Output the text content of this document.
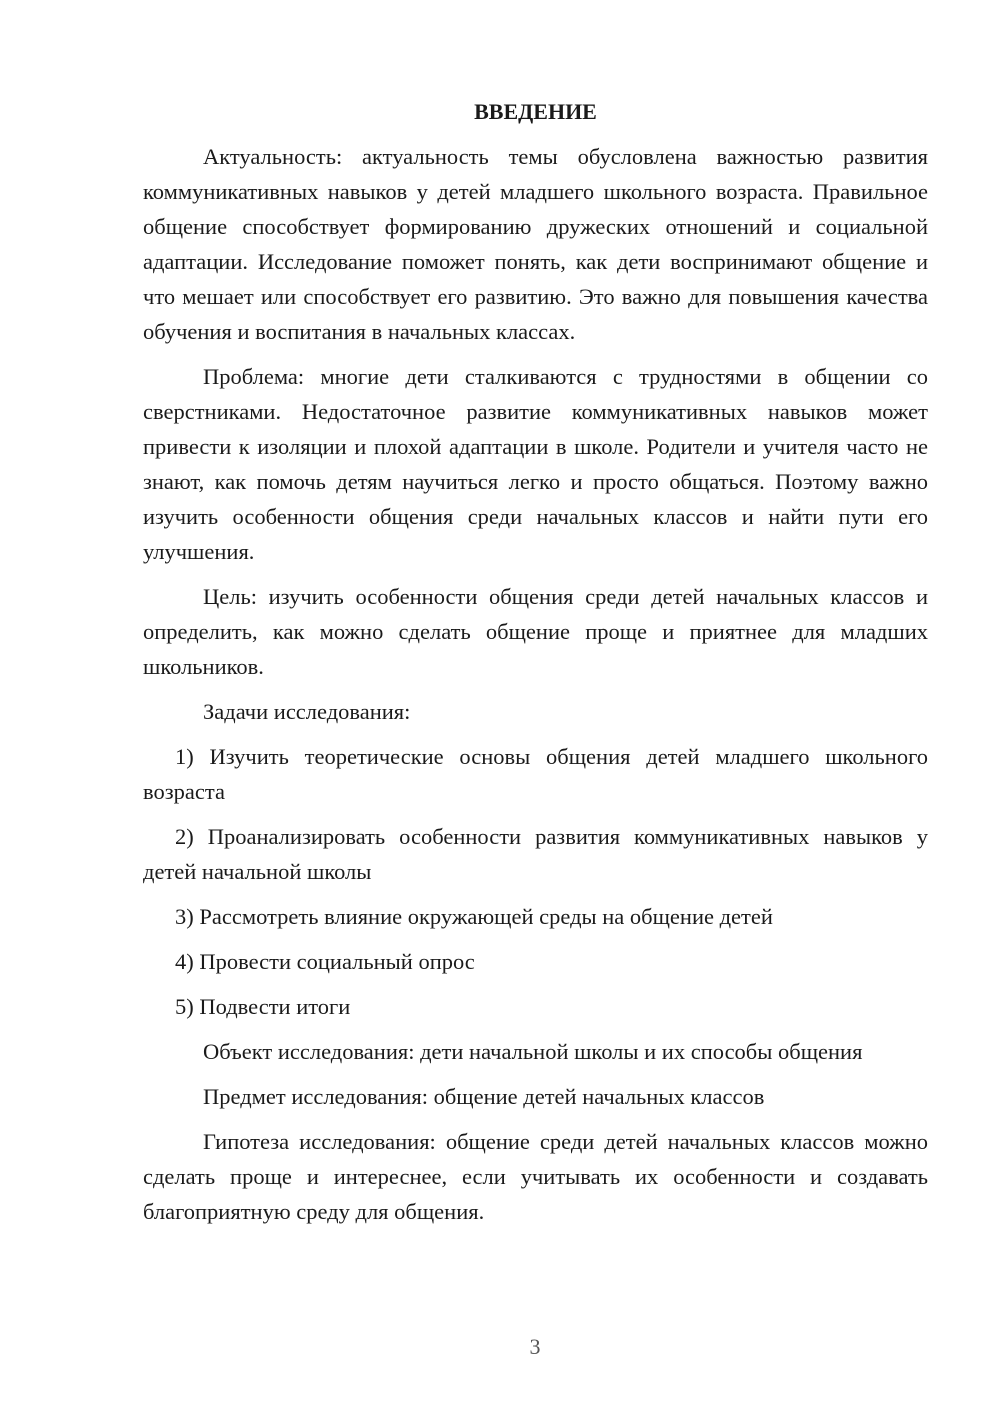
ВВЕДЕНИЕ

Актуальность: актуальность темы обусловлена важностью развития коммуникативных навыков у детей младшего школьного возраста. Правильное общение способствует формированию дружеских отношений и социальной адаптации. Исследование поможет понять, как дети воспринимают общение и что мешает или способствует его развитию. Это важно для повышения качества обучения и воспитания в начальных классах.

Проблема: многие дети сталкиваются с трудностями в общении со сверстниками. Недостаточное развитие коммуникативных навыков может привести к изоляции и плохой адаптации в школе. Родители и учителя часто не знают, как помочь детям научиться легко и просто общаться. Поэтому важно изучить особенности общения среди начальных классов и найти пути его улучшения.

Цель: изучить особенности общения среди детей начальных классов и определить, как можно сделать общение проще и приятнее для младших школьников.

Задачи исследования:

1) Изучить теоретические основы общения детей младшего школьного возраста

2) Проанализировать особенности развития коммуникативных навыков у детей начальной школы

3) Рассмотреть влияние окружающей среды на общение детей

4) Провести социальный опрос

5) Подвести итоги

Объект исследования: дети начальной школы и их способы общения

Предмет исследования: общение детей начальных классов

Гипотеза исследования: общение среди детей начальных классов можно сделать проще и интереснее, если учитывать их особенности и создавать благоприятную среду для общения.

3
